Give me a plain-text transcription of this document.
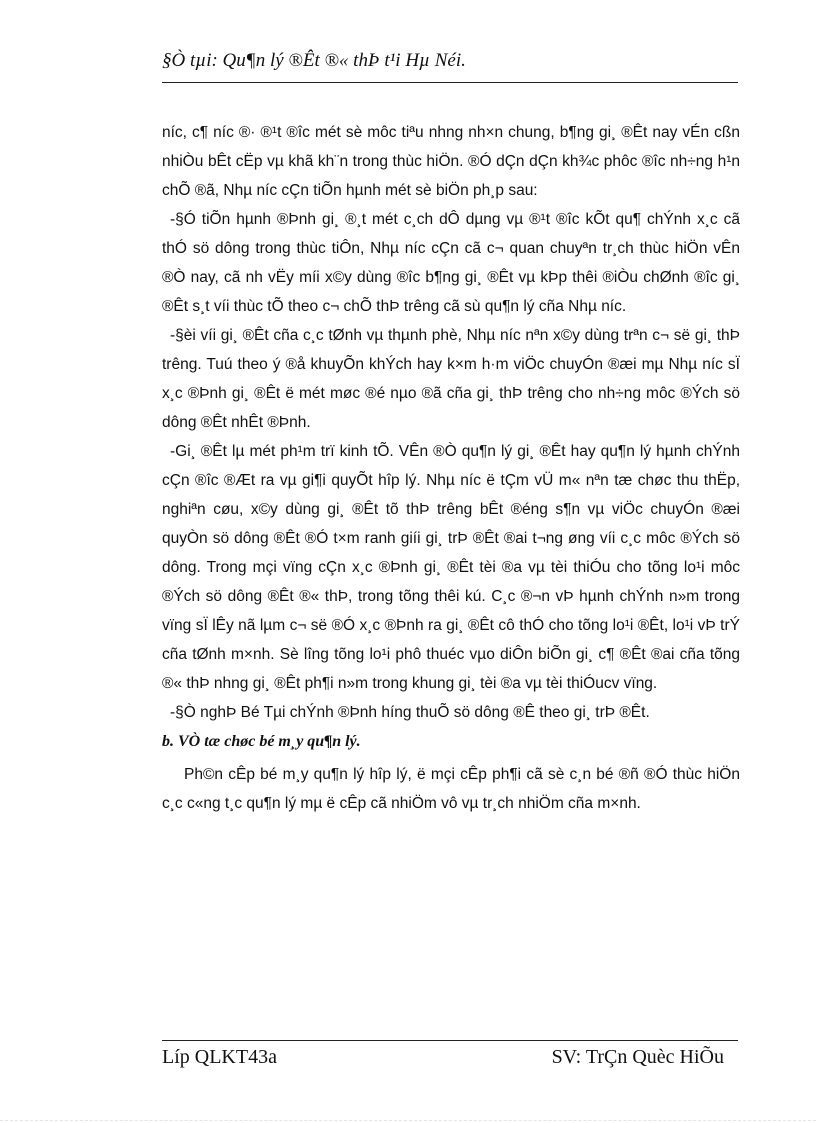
§Ò tµi: Qu¶n lý ®Êt ®« thÞ t¹i Hµ Néi.

níc, c¶ níc ®· ®¹t ®îc mét sè môc tiªu nhng nh×n chung, b¶ng gi¸ ®Êt nay vÉn cßn nhiÒu bÊt cËp vµ khã kh¨n trong thùc hiÖn. ®Ó dÇn dÇn kh¾c phôc ®îc nh÷ng h¹n chÕ ®ã, Nhµ níc cÇn tiÕn hµnh mét sè biÖn ph¸p sau:

-§Ó tiÕn hµnh ®Þnh gi¸ ®¸t mét c¸ch dÔ dµng vµ ®¹t ®îc kÕt qu¶ chÝnh x¸c cã thÓ sö dông trong thùc tiÔn, Nhµ níc cÇn cã c¬ quan chuyªn tr¸ch thùc hiÖn vÊn ®Ò nay, cã nh vËy míi x©y dùng ®îc b¶ng gi¸ ®Êt vµ kÞp thêi ®iÒu chØnh ®îc gi¸ ®Êt s¸t víi thùc tÕ theo c¬ chÕ thÞ trêng cã sù qu¶n lý cña Nhµ níc.

-§èi víi gi¸ ®Êt cña c¸c tØnh vµ thµnh phè, Nhµ níc nªn x©y dùng trªn c¬ së gi¸ thÞ trêng. Tuú theo ý ®å khuyÕn khÝch hay k×m h·m viÖc chuyÓn ®æi mµ Nhµ níc sÏ x¸c ®Þnh gi¸ ®Êt ë mét møc ®é nµo ®ã cña gi¸ thÞ trêng cho nh÷ng môc ®Ých sö dông ®Êt nhÊt ®Þnh.

-Gi¸ ®Êt lµ mét ph¹m trï kinh tÕ. VÊn ®Ò qu¶n lý gi¸ ®Êt hay qu¶n lý hµnh chÝnh cÇn ®îc ®Æt ra vµ gi¶i quyÕt hîp lý. Nhµ níc ë tÇm vÜ m« nªn tæ chøc thu thËp, nghiªn cøu, x©y dùng gi¸ ®Êt tõ thÞ trêng bÊt ®éng s¶n vµ viÖc chuyÓn ®æi quyÒn sö dông ®Êt ®Ó t×m ranh giíi gi¸ trÞ ®Êt ®ai t¬ng øng víi c¸c môc ®Ých sö dông. Trong mçi vïng cÇn x¸c ®Þnh gi¸ ®Êt tèi ®a vµ tèi thiÓu cho tõng lo¹i môc ®Ých sö dông ®Êt ®« thÞ, trong tõng thêi kú. C¸c ®¬n vÞ hµnh chÝnh n»m trong vïng sÏ lÊy nã lµm c¬ së ®Ó x¸c ®Þnh ra gi¸ ®Êt cô thÓ cho tõng lo¹i ®Êt, lo¹i vÞ trÝ cña tØnh m×nh. Sè lîng tõng lo¹i phô thuéc vµo diÔn biÕn gi¸ c¶ ®Êt ®ai cña tõng ®« thÞ nhng gi¸ ®Êt ph¶i n»m trong khung gi¸ tèi ®a vµ tèi thiÓucv vïng.

-§Ò nghÞ Bé Tµi chÝnh ®Þnh híng thuÕ sö dông ®Ê theo gi¸ trÞ ®Êt.

b. VÒ tæ chøc bé m¸y qu¶n lý.

Ph©n cÊp bé m¸y qu¶n lý hîp lý, ë mçi cÊp ph¶i cã sè c¸n bé ®ñ ®Ó thùc hiÖn c¸c c«ng t¸c qu¶n lý mµ ë cÊp cã nhiÖm vô vµ tr¸ch nhiÖm cña m×nh.

Líp QLKT43a	SV: TrÇn Quèc HiÕu
